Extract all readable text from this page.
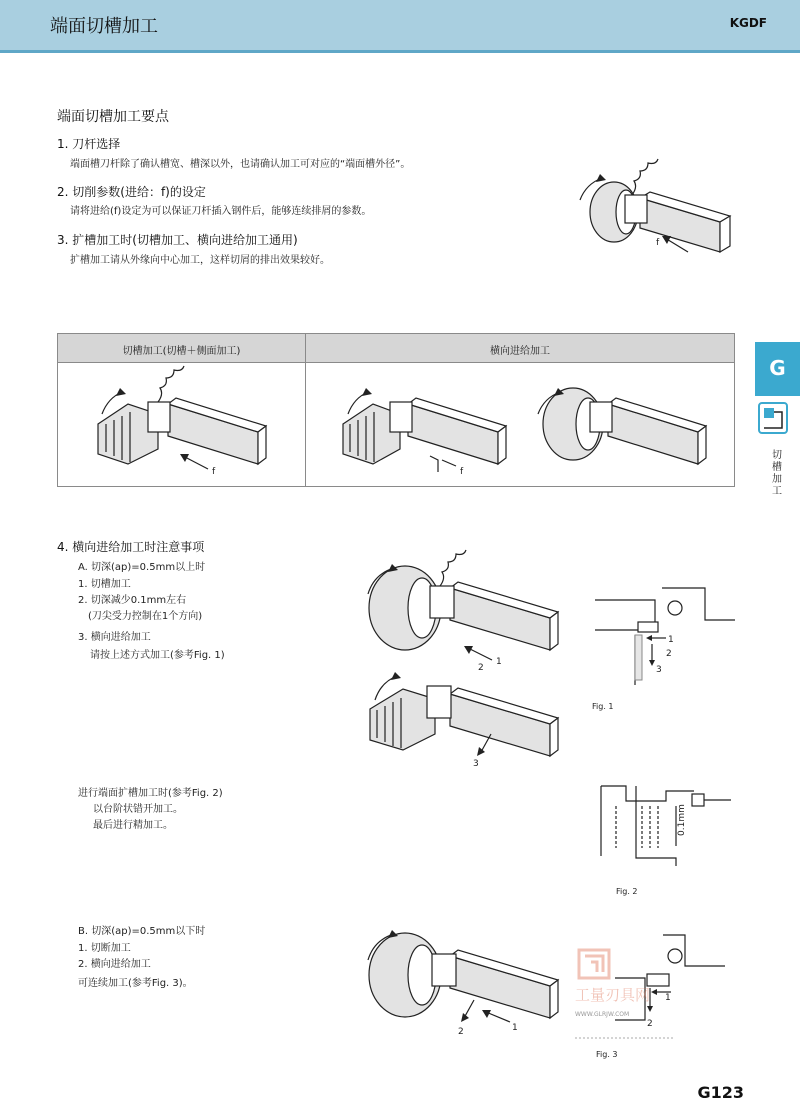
端面切槽加工	KGDF
端面切槽加工要点
1. 刀杆选择
端面槽刀杆除了确认槽宽、槽深以外，也请确认加工可对应的“端面槽外径”。
2. 切削参数(进给：f)的设定
请将进给(f)设定为可以保证刀杆插入钢件后，能够连续排屑的参数。
3. 扩槽加工时(切槽加工、横向进给加工通用)
扩槽加工请从外缘向中心加工，这样切屑的排出效果较好。
f
切槽加工(切槽＋侧面加工)	横向进给加工
f	f
G
切槽加工
4. 横向进给加工时注意事项
A. 切深(ap)=0.5mm以上时
1. 切槽加工
2. 切深减少0.1mm左右
(刀尖受力控制在1个方向)
3. 横向进给加工
请按上述方式加工(参考Fig. 1)
进行端面扩槽加工时(参考Fig. 2)
以台阶状错开加工。
最后进行精加工。
B. 切深(ap)=0.5mm以下时
1. 切断加工
2. 横向进给加工
可连续加工(参考Fig. 3)。
1
2
3
1
2
3
Fig. 1
0.1mm
Fig. 2
1
2
1
2
Fig. 3
工量刃具网
WWW.GLRJW.COM
G123
